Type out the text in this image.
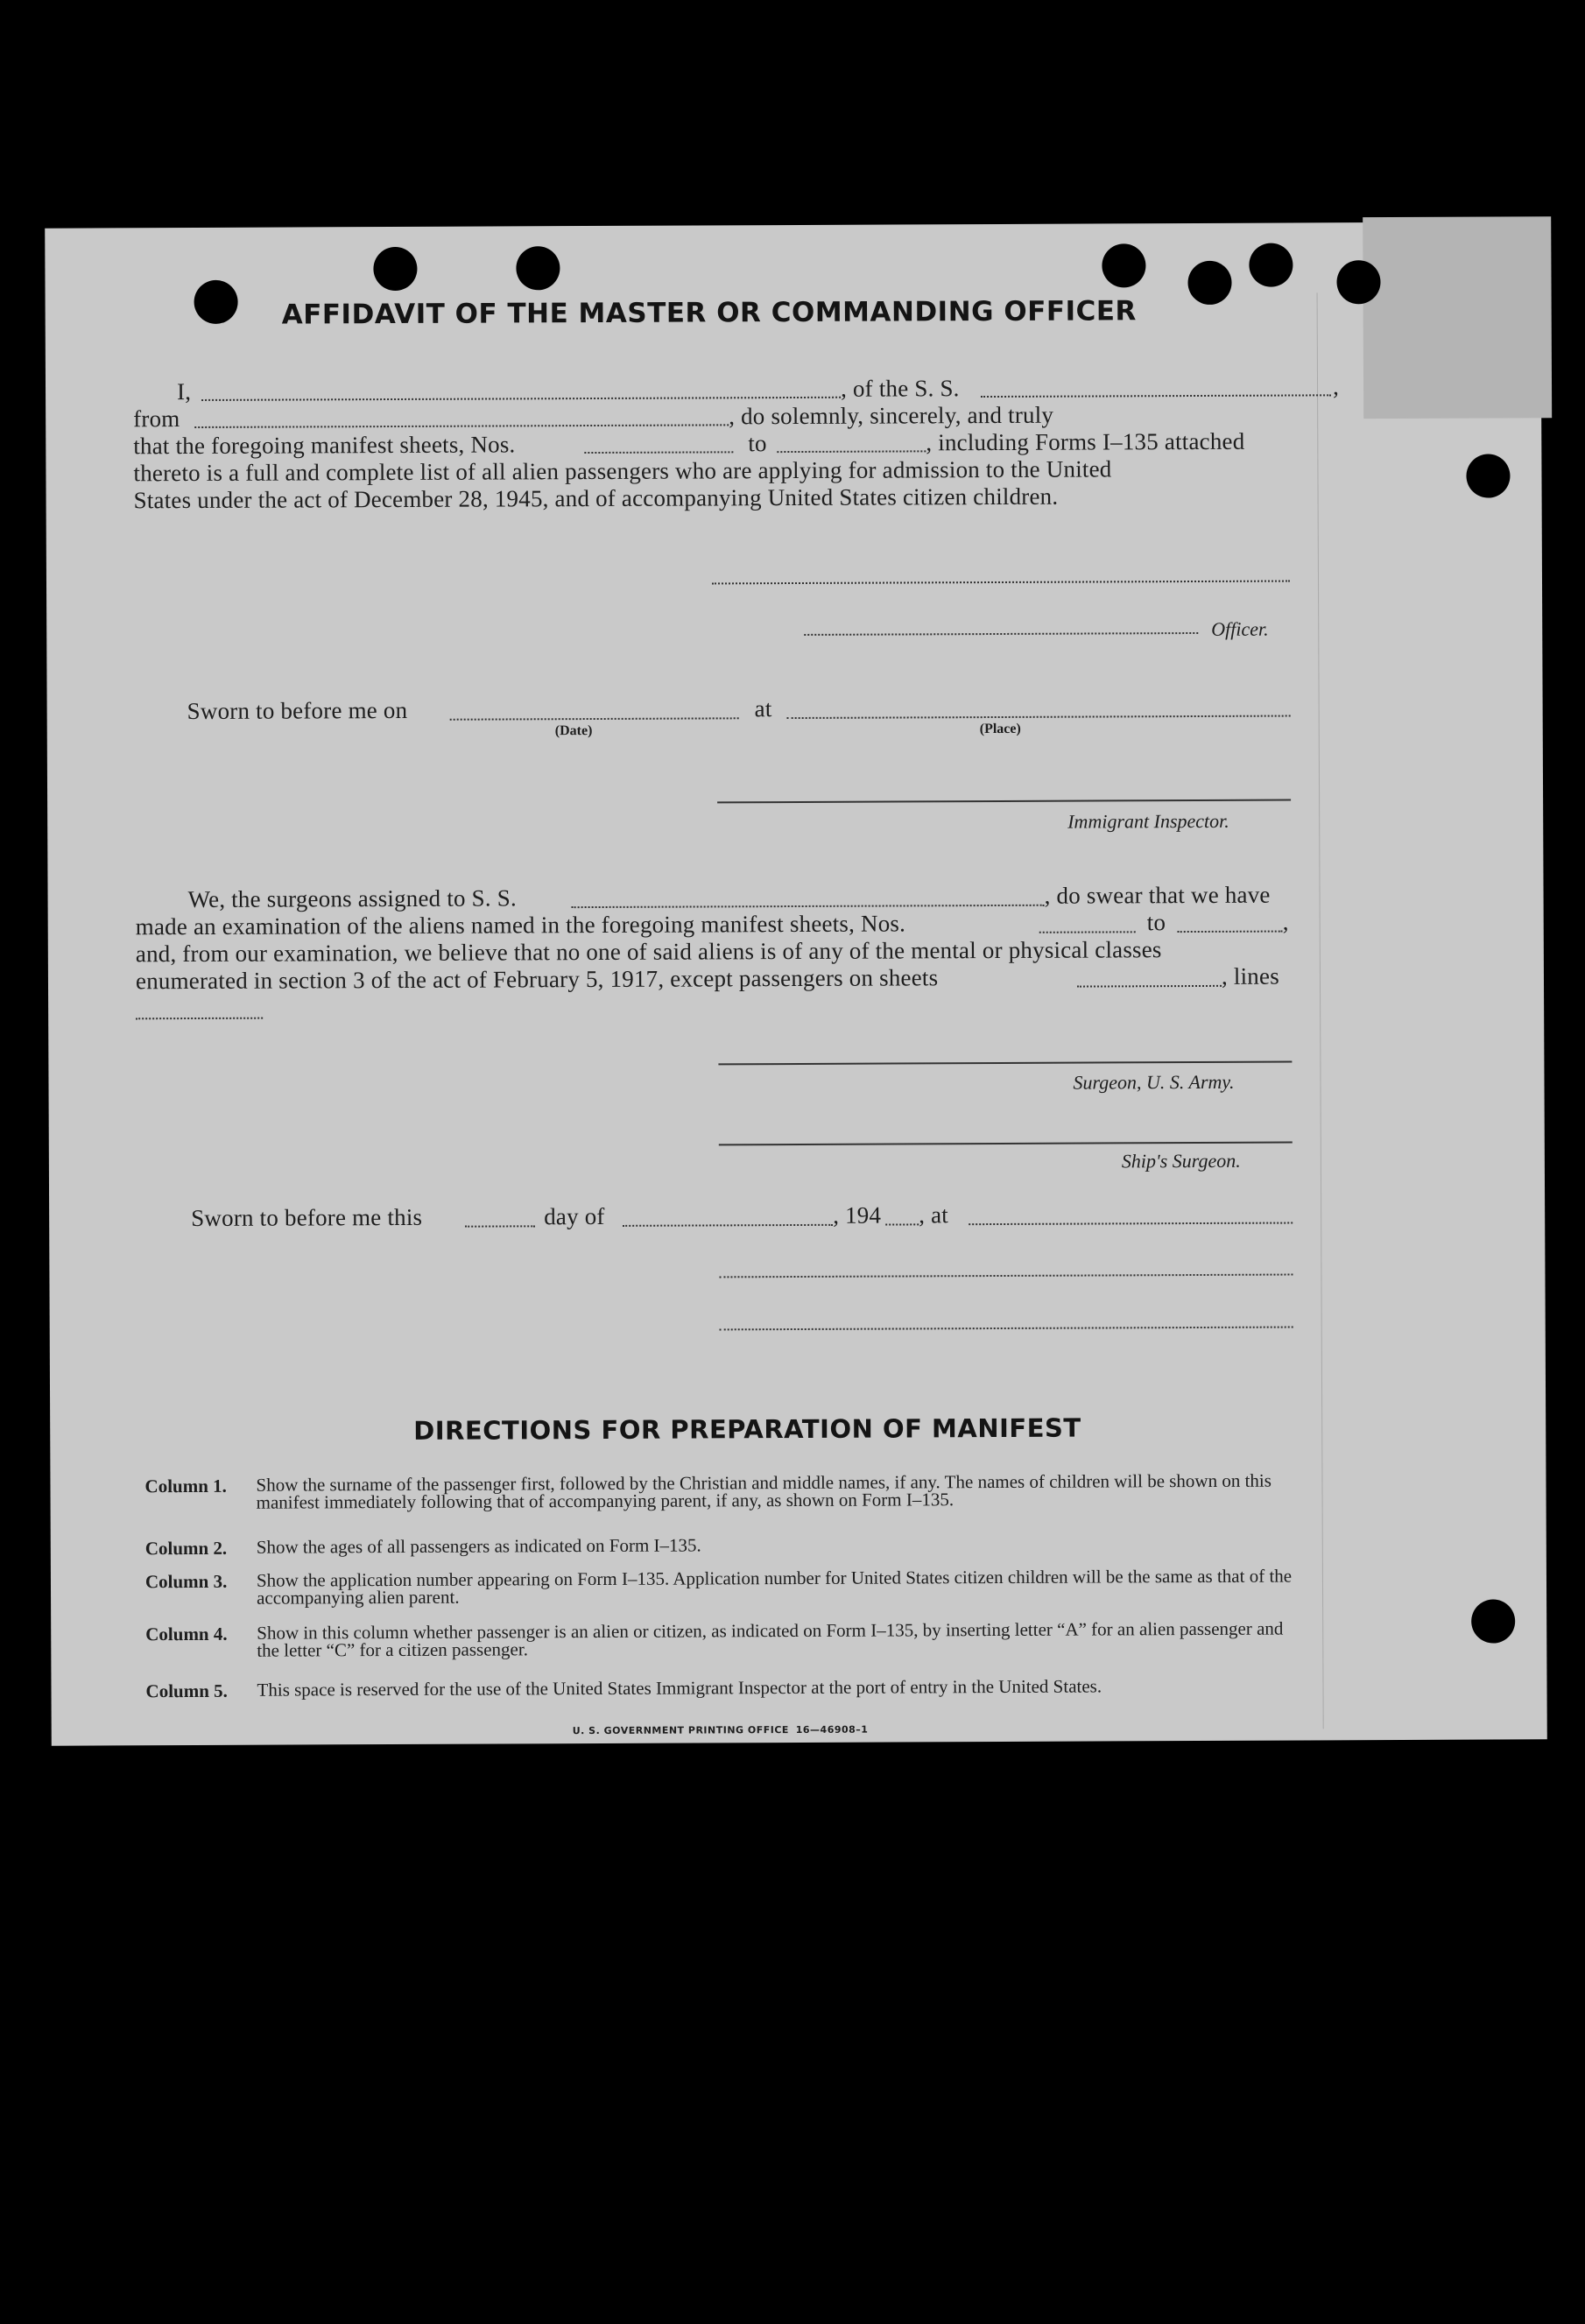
AFFIDAVIT OF THE MASTER OR COMMANDING OFFICER
I,	, of the S. S.	,
from	, do solemnly, sincerely, and truly
that the foregoing manifest sheets, Nos.	to	, including Forms I–135 attached
thereto is a full and complete list of all alien passengers who are applying for admission to the United
States under the act of December 28, 1945, and of accompanying United States citizen children.
Officer.
Sworn to before me on
(Date)
at
(Place)
Immigrant Inspector.
We, the surgeons assigned to S. S.	, do swear that we have
made an examination of the aliens named in the foregoing manifest sheets, Nos.	to	,
and, from our examination, we believe that no one of said aliens is of any of the mental or physical classes
enumerated in section 3 of the act of February 5, 1917, except passengers on sheets	, lines
Surgeon, U. S. Army.
Ship's Surgeon.
Sworn to before me this	day of	, 194 , at
DIRECTIONS FOR PREPARATION OF MANIFEST
Column 1. Show the surname of the passenger first, followed by the Christian and middle names, if any. The names of children will be shown on this manifest immediately following that of accompanying parent, if any, as shown on Form I–135.
Column 2. Show the ages of all passengers as indicated on Form I–135.
Column 3. Show the application number appearing on Form I–135. Application number for United States citizen children will be the same as that of the accompanying alien parent.
Column 4. Show in this column whether passenger is an alien or citizen, as indicated on Form I–135, by inserting letter “A” for an alien passenger and the letter “C” for a citizen passenger.
Column 5. This space is reserved for the use of the United States Immigrant Inspector at the port of entry in the United States.
U. S. GOVERNMENT PRINTING OFFICE 16—46908–1
